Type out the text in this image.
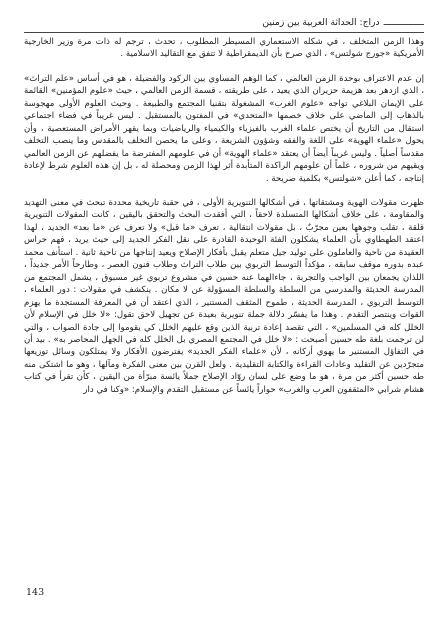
ـــــــــــــــدراج: الحداثة العربية بين زمنين

وهذا الزمن المتخلف ، في شكله الاستعماري المسيطر المطلوب ، تحدث ، ترجم له ذات مرة وزير الخارجية الأمريكية «جورج شولتس» ، الذي صرح بأن الديمقراطية لا تتفق مع التقاليد الاسلامية .

إن عدم الاعتراف بوحدة الزمن العالمي ، كما الوهم المساوي بين الركود والفضيلة ، هو في أساس «علم التراث» ، الذي ازدهر بعد هزيمة حزيران الذي يعيد ، على طريقته ، قسمة الزمن العالمي ، حيث «علوم المؤمنين» القائمة على الإيمان البلاغي تواجه «علوم الغرب» المشغولة بتقنيا المجتمع والطبيعة . وحيث العلوم الأولى مهجوسة بالذهاب إلى الماضي على خلاف خصمها «المتحدي» في المفتون بالمستقبل . ليس غريباً في فضاء اجتماعي استقال من التاريخ أن يختص علماء الغرب بالفيزياء والكيمياء والرياضيات وبما يقهر الأمراض المستعصية ، وأن يحول «علماء الهوية» على اللغة والفقه وشؤون الشريعة ، وعلى ما يحصن التخلف بالمقدس وما ينصب التخلف مقدساً أصلياً . وليس غريباً أيضاً أن يعتقد «علماء الهوية» أن في علومهم المفترضة ما يفضلهم عن الزمن العالمي ويقيهم من شروره ، علماً أن علومهم الراكدة المتأبدة أثر لهذا الزمن ومحصلة له ، بل إن هذه العلوم شرط لإعادة إنتاجه ، كما أعلن «شولتس» بكلمية صريحة .

ظهرت مقولات الهوية ومشتقاتها ، في أشكالها التنويرية الأولى ، في حقبة تاريخية محددة تبحث في معنى التهديد والمقاومة ، على خلاف أشكالها المتسلدة لاحقاً ، التي أفقدت البحث والتحقق باليقين ، كانت المقولات التنويرية قلقة ، تقلب وجوهها بعين مجرّبٌ ، بل مقولات انتقالية ، تعرف «ما قبل» ولا تعرف عن «ما بعد» الجديد ، لهذا اعتقد الطهطاوي بأن العلماء يشكلون الفئة الوحيدة القادرة على نقل الفكر الجديد إلى حيث يريد ، فهم حراس العقيدة من ناحية والعاملون على توليد جيل متعلم يقبل بأفكار الإصلاح ويعيد إنتاجها من ناحية ثانية . استأنف محمد عبده بدوره موقف سابقه ، مؤكداً التوسط التربوي بين طلاب التراث وطلاب فنون العصر ، وطارحاً الأمر جديداً ، اللذان يجمعان بين الواجب والتجربة ، جاءالهما عنه حسين في مشروع تربوي غير مسبوق ، يشمل المجتمع من المدرسة الحديثة والمدرسي من السلطة والسلطة المسؤولة عن لا مكان . ينكشف في مقولات : دور العلماء ، التوسط التربوي ، المدرسة الحديثة ، طموح المثقف المستنير ، الذي اعتقد أن في المعرفة المستجدة ما يهزم القوات وينتصر التقدم . وهذا ما يفسّر دلالة جملة تنويرية بعيدة عن تجهيل لاحق تقول: «لا خلل في الإسلام لأن الخلل كله في المسلمين» ، التي تقصد إعادة تربية الذين وقع عليهم الخلل كي يقوموا إلى جادة الصواب ، والتي لن ترجمت بلغة طه حسين أصبحت : «لا خلل في المجتمع المصري بل الخلل كله في الجهل المحاصر به» . بيد أن في التفاؤل المستنير ما يهوي أركانه ، لأن «علماء الفكر الجديد» يفترضون الأفكار ولا يمتلكون وسائل توزيعها متجرّدين عن التقليد وعادات القراءة والكتابة التقليدية . ولعل القرن بين معنى الفكرة ومآلها ، وهو ما اشتكى منه طه حسين أكثر من مرة ، هو ما وضع على لسان روّاد الإصلاح جملاً يائسة مبرّأة من اليقين ، كأن تقرأ في كتاب هشام شرابي «المثقفون العرب والغرب» حواراً يائساً عن مستقبل التقدم والإسلام: «وكنا في دار

143
